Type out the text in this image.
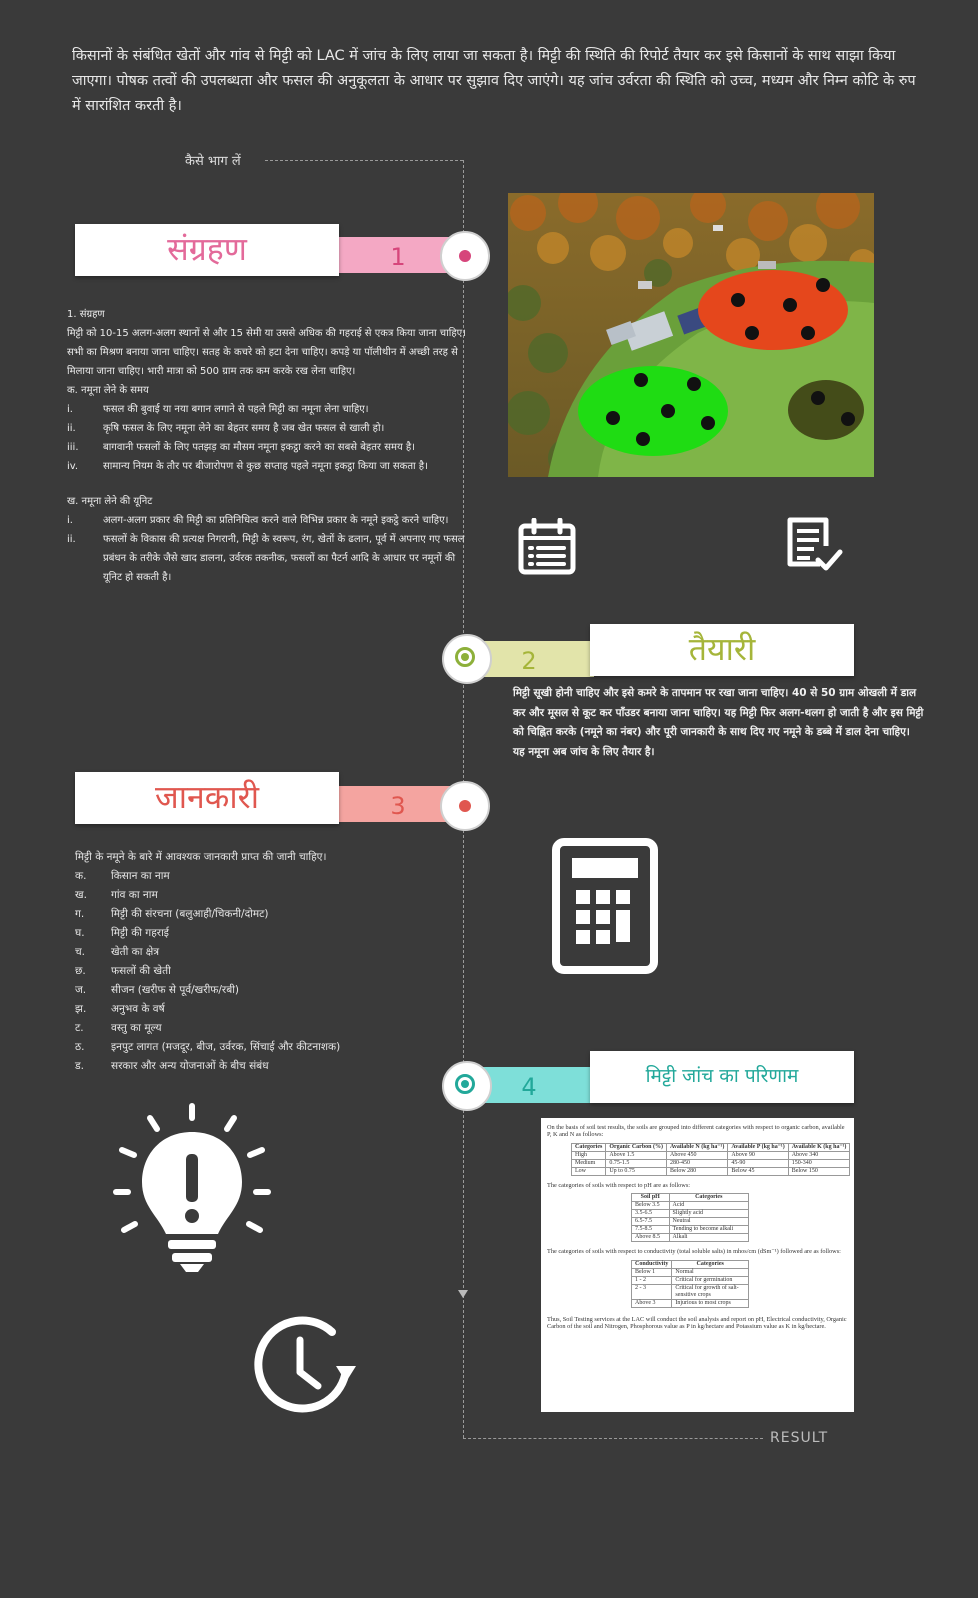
किसानों के संबंधित खेतों और गांव से मिट्टी को LAC में जांच के लिए लाया जा सकता है। मिट्टी की स्थिति की रिपोर्ट तैयार कर इसे किसानों के साथ साझा किया जाएगा। पोषक तत्वों की उपलब्धता और फसल की अनुकूलता के आधार पर सुझाव दिए जाएंगे। यह जांच उर्वरता की स्थिति को उच्च, मध्यम और निम्न कोटि के रुप में सारांशित करती है।
कैसे भाग लें
RESULT
1
संग्रहण
1. संग्रहण
मिट्टी को 10-15 अलग-अलग स्थानों से और 15 सेमी या उससे अधिक की गहराई से एकत्र किया जाना चाहिए। सभी का मिश्रण बनाया जाना चाहिए। सतह के कचरे को हटा देना चाहिए। कपड़े या पॉलीथीन में अच्छी तरह से मिलाया जाना चाहिए। भारी मात्रा को 500 ग्राम तक कम करके रख लेना चाहिए।
क. नमूना लेने के समय
i.	फसल की बुवाई या नया बगान लगाने से पहले मिट्टी का नमूना लेना चाहिए।
ii.	कृषि फसल के लिए नमूना लेने का बेहतर समय है जब खेत फसल से खाली हो।
iii. बागवानी फसलों के लिए पतझड़ का मौसम नमूना इकट्ठा करने का सबसे बेहतर समय है।
iv. सामान्य नियम के तौर पर बीजारोपण से कुछ सप्ताह पहले नमूना इकट्ठा किया जा सकता है।
ख. नमूना लेने की यूनिट
i.	अलग-अलग प्रकार की मिट्टी का प्रतिनिधित्व करने वाले विभिन्न प्रकार के नमूने इकट्ठे करने चाहिए।
ii.	फसलों के विकास की प्रत्यक्ष निगरानी, मिट्टी के स्वरूप, रंग, खेतों के ढलान, पूर्व में अपनाए गए फसल प्रबंधन के तरीके जैसे खाद डालना, उर्वरक तकनीक, फसलों का पैटर्न आदि के आधार पर नमूनों की यूनिट हो सकती है।
2	तैयारी
मिट्टी सूखी होनी चाहिए और इसे कमरे के तापमान पर रखा जाना चाहिए। 40 से 50 ग्राम ओखली में डाल कर और मूसल से कूट कर पाँउडर बनाया जाना चाहिए। यह मिट्टी फिर अलग-थलग हो जाती है और इस मिट्टी को चिह्नित करके (नमूने का नंबर) और पूरी जानकारी के साथ दिए गए नमूने के डब्बे में डाल देना चाहिए। यह नमूना अब जांच के लिए तैयार है।
3
जानकारी
मिट्टी के नमूने के बारे में आवश्यक जानकारी प्राप्त की जानी चाहिए।
क. किसान का नाम
ख. गांव का नाम
ग.	मिट्टी की संरचना (बलुआही/चिकनी/दोमट)
घ.	मिट्टी की गहराई
च. खेती का क्षेत्र
छ. फसलों की खेती
ज. सीजन (खरीफ से पूर्व/खरीफ/रबी)
झ. अनुभव के वर्ष
ट.	वस्तु का मूल्य
ठ.	इनपुट लागत (मजदूर, बीज, उर्वरक, सिंचाई और कीटनाशक)
ड.	सरकार और अन्य योजनाओं के बीच संबंध
4	मिट्टी जांच का परिणाम
On the basis of soil test results, the soils are grouped into different categories with respect to organic carbon, available P, K and N as follows:
Categories	Organic Carbon (%)	Available N (kg ha⁻¹)	Available P (kg ha⁻¹)	Available K (kg ha⁻¹)
High	Above 1.5	Above 450	Above 90	Above 340
Medium	0.75-1.5	280-450	45-90	150-340
Low	Up to 0.75	Below 280	Below 45	Below 150
The categories of soils with respect to pH are as follows:
Soil pH	Categories
Below 3.5	Acid
3.5-6.5	Slightly acid
6.5-7.5	Neutral
7.5-8.5	Tending to become alkali
Above 8.5	Alkali
The categories of soils with respect to conductivity (total soluble salts) in mhos/cm (dSm⁻¹) followed are as follows:
Conductivity	Categories
Below 1	Normal
1 - 2	Critical for germination
2 - 3	Critical for growth of salt-sensitive crops
Above 3	Injurious to most crops
Thus, Soil Testing services at the LAC will conduct the soil analysis and report on pH, Electrical conductivity, Organic Carbon of the soil and Nitrogen, Phosphorous value as P in kg/hectare and Potassium value as K in kg/hectare.
